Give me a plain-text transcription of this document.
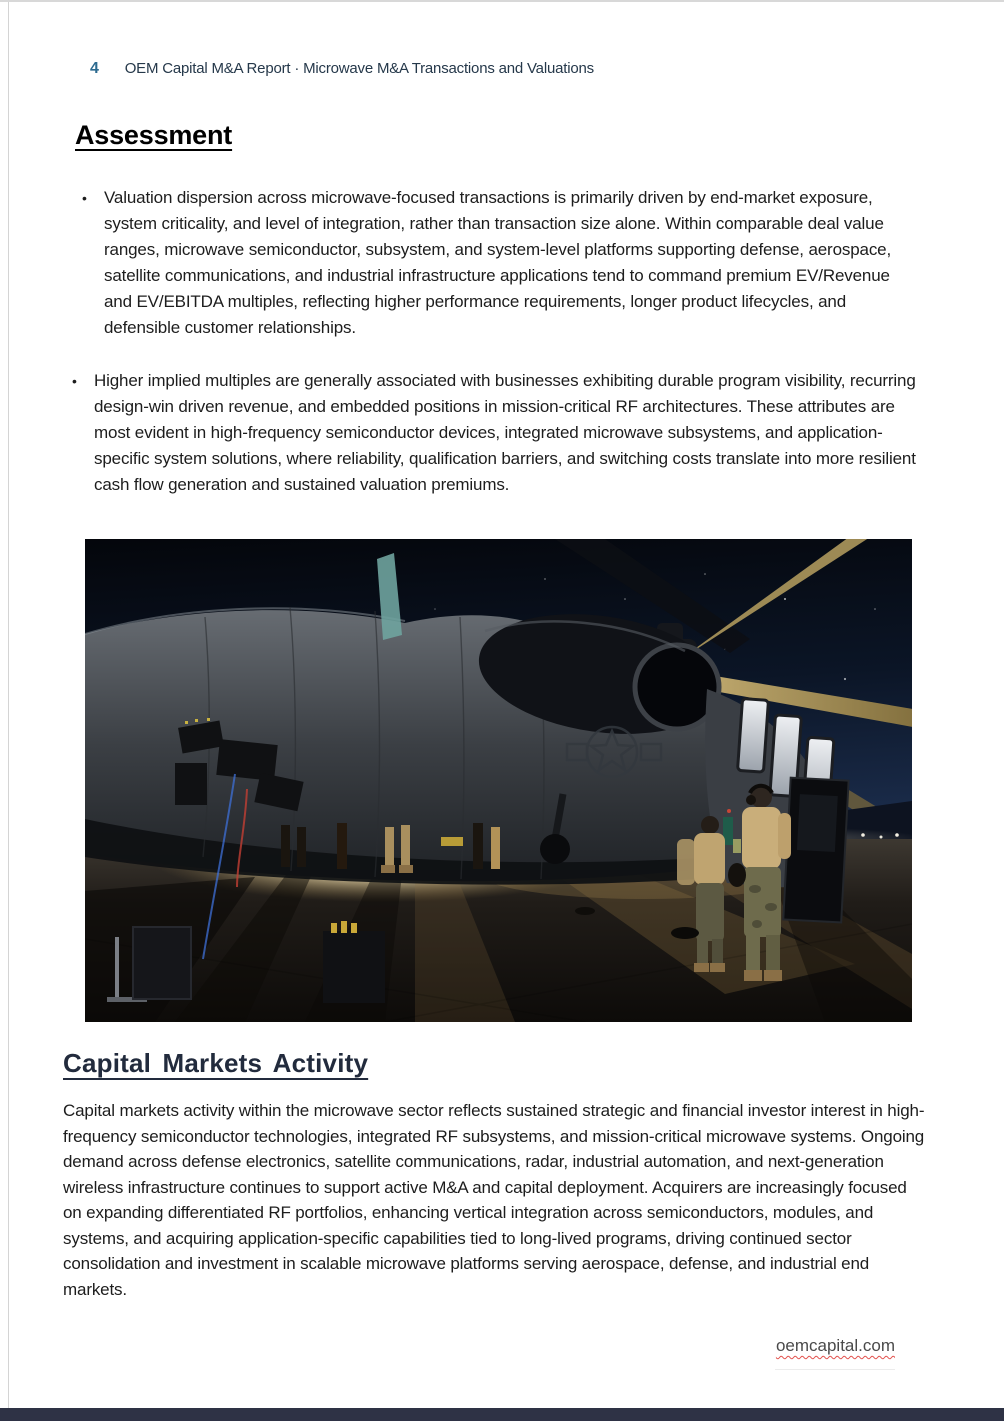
4 OEM Capital M&A Report · Microwave M&A Transactions and Valuations
Assessment
•	Valuation dispersion across microwave-focused transactions is primarily driven by end-market exposure, system criticality, and level of integration, rather than transaction size alone. Within comparable deal value ranges, microwave semiconductor, subsystem, and system-level platforms supporting defense, aerospace, satellite communications, and industrial infrastructure applications tend to command premium EV/Revenue and EV/EBITDA multiples, reflecting higher performance requirements, longer product lifecycles, and defensible customer relationships.
•	Higher implied multiples are generally associated with businesses exhibiting durable program visibility, recurring design-win driven revenue, and embedded positions in mission-critical RF architectures. These attributes are most evident in high-frequency semiconductor devices, integrated microwave subsystems, and application-specific system solutions, where reliability, qualification barriers, and switching costs translate into more resilient cash flow generation and sustained valuation premiums.
Capital Markets Activity
Capital markets activity within the microwave sector reflects sustained strategic and financial investor interest in high-frequency semiconductor technologies, integrated RF subsystems, and mission-critical microwave systems. Ongoing demand across defense electronics, satellite communications, radar, industrial automation, and next-generation wireless infrastructure continues to support active M&A and capital deployment. Acquirers are increasingly focused on expanding differentiated RF portfolios, enhancing vertical integration across semiconductors, modules, and systems, and acquiring application-specific capabilities tied to long-lived programs, driving continued sector consolidation and investment in scalable microwave platforms serving aerospace, defense, and industrial end markets.
oemcapital.com
